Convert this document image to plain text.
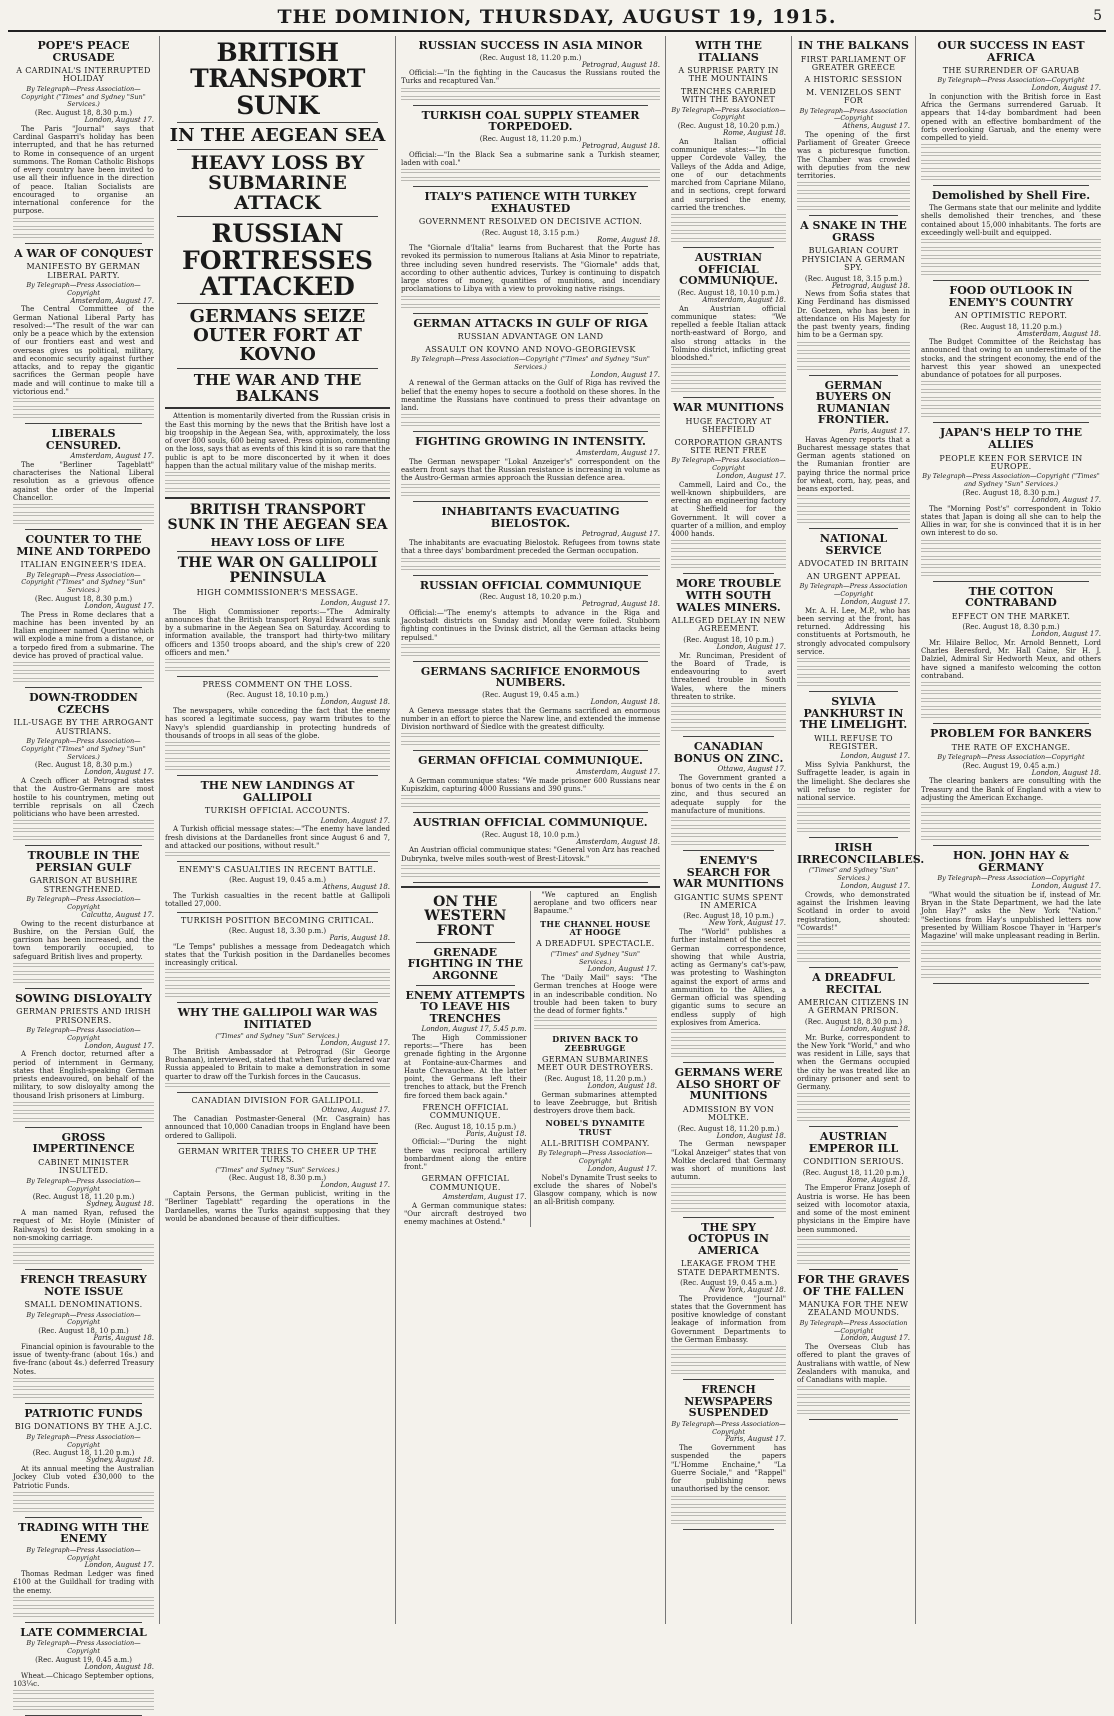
THE DOMINION, THURSDAY, AUGUST 19, 1915.	5
POPE'S PEACE CRUSADE
A CARDINAL'S INTERRUPTED HOLIDAY
By Telegraph—Press Association—Copyright ("Times" and Sydney "Sun" Services.)
(Rec. August 18, 8.30 p.m.)
London, August 17.

The Paris "Journal" says that Cardinal Gasparri's holiday has been interrupted, and that he has returned to Rome in consequence of an urgent summons. The Roman Catholic Bishops of every country have been invited to use all their influence in the direction of peace. Italian Socialists are encouraged to organise an international conference for the purpose.

A WAR OF CONQUEST
MANIFESTO BY GERMAN LIBERAL PARTY.
By Telegraph—Press Association—Copyright
Amsterdam, August 17.

The Central Committee of the German National Liberal Party has resolved:—"The result of the war can only be a peace which by the extension of our frontiers east and west and overseas gives us political, military, and economic security against further attacks, and to repay the gigantic sacrifices the German people have made and will continue to make till a victorious end."

LIBERALS CENSURED.
Amsterdam, August 17.

The "Berliner Tageblatt" characterises the National Liberal resolution as a grievous offence against the order of the Imperial Chancellor.

COUNTER TO THE MINE AND TORPEDO
ITALIAN ENGINEER'S IDEA.
By Telegraph—Press Association—Copyright ("Times" and Sydney "Sun" Services.)
(Rec. August 18, 8.30 p.m.)
London, August 17.

The Press in Rome declares that a machine has been invented by an Italian engineer named Querino which will explode a mine from a distance, or a torpedo fired from a submarine. The device has proved of practical value.

DOWN-TRODDEN CZECHS
ILL-USAGE BY THE ARROGANT AUSTRIANS.
By Telegraph—Press Association—Copyright ("Times" and Sydney "Sun" Services.)
(Rec. August 18, 8.30 p.m.)
London, August 17.

A Czech officer at Petrograd states that the Austro-Germans are most hostile to his countrymen, meting out terrible reprisals on all Czech politicians who have been arrested.

TROUBLE IN THE PERSIAN GULF
GARRISON AT BUSHIRE STRENGTHENED.
By Telegraph—Press Association—Copyright
Calcutta, August 17.

Owing to the recent disturbance at Bushire, on the Persian Gulf, the garrison has been increased, and the town temporarily occupied, to safeguard British lives and property.

SOWING DISLOYALTY
GERMAN PRIESTS AND IRISH PRISONERS.
By Telegraph—Press Association—Copyright
London, August 17.

A French doctor, returned after a period of internment in Germany, states that English-speaking German priests endeavoured, on behalf of the military, to sow disloyalty among the thousand Irish prisoners at Limburg.

GROSS IMPERTINENCE
CABINET MINISTER INSULTED.
By Telegraph—Press Association—Copyright
(Rec. August 18, 11.20 p.m.)
Sydney, August 18.

A man named Ryan, refused the request of Mr. Hoyle (Minister of Railways) to desist from smoking in a non-smoking carriage.

FRENCH TREASURY NOTE ISSUE
SMALL DENOMINATIONS.
By Telegraph—Press Association—Copyright
(Rec. August 18, 10 p.m.)
Paris, August 18.

Financial opinion is favourable to the issue of twenty-franc (about 16s.) and five-franc (about 4s.) deferred Treasury Notes.

PATRIOTIC FUNDS
BIG DONATIONS BY THE A.J.C.
By Telegraph—Press Association—Copyright
(Rec. August 18, 11.20 p.m.)
Sydney, August 18.

At its annual meeting the Australian Jockey Club voted £30,000 to the Patriotic Funds.

TRADING WITH THE ENEMY
By Telegraph—Press Association—Copyright
London, August 17.

Thomas Redman Ledger was fined £100 at the Guildhall for trading with the enemy.

LATE COMMERCIAL
By Telegraph—Press Association—Copyright
(Rec. August 19, 0.45 a.m.)
London, August 18.

Wheat.—Chicago September options, 103¼c.

BRITISH TRANSPORT SUNK
IN THE AEGEAN SEA
HEAVY LOSS BY SUBMARINE ATTACK
RUSSIAN FORTRESSES ATTACKED
GERMANS SEIZE OUTER FORT AT KOVNO
THE WAR AND THE BALKANS

Attention is momentarily diverted from the Russian crisis in the East this morning by the news that the British have lost a big troopship in the Aegean Sea, with, approximately, the loss of over 800 souls, 600 being saved. Press opinion, commenting on the loss, says that as events of this kind it is so rare that the public is apt to be more disconcerted by it when it does happen than the actual military value of the mishap merits.

BRITISH TRANSPORT SUNK IN THE AEGEAN SEA
HEAVY LOSS OF LIFE
THE WAR ON GALLIPOLI PENINSULA
HIGH COMMISSIONER'S MESSAGE.
London, August 17.

The High Commissioner reports:—"The Admiralty announces that the British transport Royal Edward was sunk by a submarine in the Aegean Sea on Saturday. According to information available, the transport had thirty-two military officers and 1350 troops aboard, and the ship's crew of 220 officers and men."

PRESS COMMENT ON THE LOSS.
(Rec. August 18, 10.10 p.m.)
London, August 18.

The newspapers, while conceding the fact that the enemy has scored a legitimate success, pay warm tributes to the Navy's splendid guardianship in protecting hundreds of thousands of troops in all seas of the globe.

THE NEW LANDINGS AT GALLIPOLI
TURKISH OFFICIAL ACCOUNTS.
London, August 17.

A Turkish official message states:—"The enemy have landed fresh divisions at the Dardanelles front since August 6 and 7, and attacked our positions, without result."

ENEMY'S CASUALTIES IN RECENT BATTLE.
(Rec. August 19, 0.45 a.m.)
Athens, August 18.

The Turkish casualties in the recent battle at Gallipoli totalled 27,000.

TURKISH POSITION BECOMING CRITICAL.
(Rec. August 18, 3.30 p.m.)
Paris, August 18.

"Le Temps" publishes a message from Dedeagatch which states that the Turkish position in the Dardanelles becomes increasingly critical.

WHY THE GALLIPOLI WAR WAS INITIATED
("Times" and Sydney "Sun" Services.)
London, August 17.

The British Ambassador at Petrograd (Sir George Buchanan), interviewed, stated that when Turkey declared war Russia appealed to Britain to make a demonstration in some quarter to draw off the Turkish forces in the Caucasus.

CANADIAN DIVISION FOR GALLIPOLI.
Ottawa, August 17.

The Canadian Postmaster-General (Mr. Casgrain) has announced that 10,000 Canadian troops in England have been ordered to Gallipoli.

GERMAN WRITER TRIES TO CHEER UP THE TURKS.
("Times" and Sydney "Sun" Services.)
(Rec. August 18, 8.30 p.m.)
London, August 17.

Captain Persons, the German publicist, writing in the "Berliner Tageblatt" regarding the operations in the Dardanelles, warns the Turks against supposing that they would be abandoned because of their difficulties.

RUSSIAN SUCCESS IN ASIA MINOR
(Rec. August 18, 11.20 p.m.)
Petrograd, August 18.

Official:—"In the fighting in the Caucasus the Russians routed the Turks and recaptured Van."

TURKISH COAL SUPPLY STEAMER TORPEDOED.
(Rec. August 18, 11.20 p.m.)
Petrograd, August 18.

Official:—"In the Black Sea a submarine sank a Turkish steamer, laden with coal."

ITALY'S PATIENCE WITH TURKEY EXHAUSTED
GOVERNMENT RESOLVED ON DECISIVE ACTION.
(Rec. August 18, 3.15 p.m.)
Rome, August 18.

The "Giornale d'Italia" learns from Bucharest that the Porte has revoked its permission to numerous Italians at Asia Minor to repatriate, three including seven hundred reservists. The "Giornale" adds that, according to other authentic advices, Turkey is continuing to dispatch large stores of money, quantities of munitions, and incendiary proclamations to Libya with a view to provoking native risings.

GERMAN ATTACKS IN GULF OF RIGA
RUSSIAN ADVANTAGE ON LAND
ASSAULT ON KOVNO AND NOVO-GEORGIEVSK
By Telegraph—Press Association—Copyright ("Times" and Sydney "Sun" Services.)
London, August 17.

A renewal of the German attacks on the Gulf of Riga has revived the belief that the enemy hopes to secure a foothold on these shores. In the meantime the Russians have continued to press their advantage on land.

FIGHTING GROWING IN INTENSITY.
Amsterdam, August 17.

The German newspaper "Lokal Anzeiger's" correspondent on the eastern front says that the Russian resistance is increasing in volume as the Austro-German armies approach the Russian defence area.

INHABITANTS EVACUATING BIELOSTOK.
Petrograd, August 17.

The inhabitants are evacuating Bielostok. Refugees from towns state that a three days' bombardment preceded the German occupation.

RUSSIAN OFFICIAL COMMUNIQUE
(Rec. August 18, 10.20 p.m.)
Petrograd, August 18.

Official:—"The enemy's attempts to advance in the Riga and Jacobstadt districts on Sunday and Monday were foiled. Stubborn fighting continues in the Dvinsk district, all the German attacks being repulsed."

GERMANS SACRIFICE ENORMOUS NUMBERS.
(Rec. August 19, 0.45 a.m.)
London, August 18.

A Geneva message states that the Germans sacrificed an enormous number in an effort to pierce the Narew line, and extended the immense Division northward of Siedlce with the greatest difficulty.

GERMAN OFFICIAL COMMUNIQUE.
Amsterdam, August 17.

A German communique states: "We made prisoner 600 Russians near Kupiszkim, capturing 4000 Russians and 390 guns."

AUSTRIAN OFFICIAL COMMUNIQUE.
(Rec. August 18, 10.0 p.m.)
Amsterdam, August 18.

An Austrian official communique states: "General von Arz has reached Dubrynka, twelve miles south-west of Brest-Litovsk."

ON THE WESTERN FRONT
GRENADE FIGHTING IN THE ARGONNE
ENEMY ATTEMPTS TO LEAVE HIS TRENCHES
London, August 17, 5.45 p.m.

The High Commissioner reports:—"There has been grenade fighting in the Argonne at Fontaine-aux-Charmes and Haute Chevauchee. At the latter point, the Germans left their trenches to attack, but the French fire forced them back again."

FRENCH OFFICIAL COMMUNIQUE.
(Rec. August 18, 10.15 p.m.)
Paris, August 18.

Official:—"During the night there was reciprocal artillery bombardment along the entire front."

GERMAN OFFICIAL COMMUNIQUE.
Amsterdam, August 17.

A German communique states: "Our aircraft destroyed two enemy machines at Ostend."

"We captured an English aeroplane and two officers near Bapaume."

THE CHANNEL HOUSE AT HOOGE
A DREADFUL SPECTACLE.
("Times" and Sydney "Sun" Services.)
London, August 17.

The "Daily Mail" says: "The German trenches at Hooge were in an indescribable condition. No trouble had been taken to bury the dead of former fights."

DRIVEN BACK TO ZEEBRUGGE
GERMAN SUBMARINES MEET OUR DESTROYERS.
(Rec. August 18, 11.20 p.m.)
London, August 18.

German submarines attempted to leave Zeebrugge, but British destroyers drove them back.

NOBEL'S DYNAMITE TRUST
ALL-BRITISH COMPANY.
By Telegraph—Press Association—Copyright
London, August 17.

Nobel's Dynamite Trust seeks to exclude the shares of Nobel's Glasgow company, which is now an all-British company.

WITH THE ITALIANS
A SURPRISE PARTY IN THE MOUNTAINS
TRENCHES CARRIED WITH THE BAYONET
By Telegraph—Press Association—Copyright
(Rec. August 18, 10.20 p.m.)
Rome, August 18.

An Italian official communique states:—"In the upper Cordevole Valley, the Valleys of the Adda and Adige, one of our detachments marched from Capriane Milano, and in sections, crept forward and surprised the enemy, carried the trenches.

AUSTRIAN OFFICIAL COMMUNIQUE.
(Rec. August 18, 10.10 p.m.)
Amsterdam, August 18.

An Austrian official communique states: "We repelled a feeble Italian attack north-eastward of Borgo, and also strong attacks in the Tolmino district, inflicting great bloodshed."

WAR MUNITIONS
HUGE FACTORY AT SHEFFIELD
CORPORATION GRANTS SITE RENT FREE
By Telegraph—Press Association—Copyright
London, August 17.

Cammell, Laird and Co., the well-known shipbuilders, are erecting an engineering factory at Sheffield for the Government. It will cover a quarter of a million, and employ 4000 hands.

MORE TROUBLE WITH SOUTH WALES MINERS.
ALLEGED DELAY IN NEW AGREEMENT.
(Rec. August 18, 10 p.m.)
London, August 17.

Mr. Runciman, President of the Board of Trade, is endeavouring to avert threatened trouble in South Wales, where the miners threaten to strike.

CANADIAN BONUS ON ZINC.
Ottawa, August 17.

The Government granted a bonus of two cents in the £ on zinc, and thus secured an adequate supply for the manufacture of munitions.

ENEMY'S SEARCH FOR WAR MUNITIONS
GIGANTIC SUMS SPENT IN AMERICA
(Rec. August 18, 10 p.m.)
New York, August 17.

The "World" publishes a further instalment of the secret German correspondence, showing that while Austria, acting as Germany's cat's-paw, was protesting to Washington against the export of arms and ammunition to the Allies, a German official was spending gigantic sums to secure an endless supply of high explosives from America.

GERMANS WERE ALSO SHORT OF MUNITIONS
ADMISSION BY VON MOLTKE.
(Rec. August 18, 11.20 p.m.)
London, August 18.

The German newspaper "Lokal Anzeiger" states that von Moltke declared that Germany was short of munitions last autumn.

THE SPY OCTOPUS IN AMERICA
LEAKAGE FROM THE STATE DEPARTMENTS.
(Rec. August 19, 0.45 a.m.)
New York, August 18.

The Providence "Journal" states that the Government has positive knowledge of constant leakage of information from Government Departments to the German Embassy.

FRENCH NEWSPAPERS SUSPENDED
By Telegraph—Press Association—Copyright
Paris, August 17.

The Government has suspended the papers "L'Homme Enchaine," "La Guerre Sociale," and "Rappel" for publishing news unauthorised by the censor.

IN THE BALKANS
FIRST PARLIAMENT OF GREATER GREECE
A HISTORIC SESSION
M. VENIZELOS SENT FOR
By Telegraph—Press Association—Copyright
Athens, August 17.

The opening of the first Parliament of Greater Greece was a picturesque function. The Chamber was crowded with deputies from the new territories.

A SNAKE IN THE GRASS
BULGARIAN COURT PHYSICIAN A GERMAN SPY.
(Rec. August 18, 3.15 p.m.)
Petrograd, August 18.

News from Sofia states that King Ferdinand has dismissed Dr. Goetzen, who has been in attendance on His Majesty for the past twenty years, finding him to be a German spy.

GERMAN BUYERS ON RUMANIAN FRONTIER.
Paris, August 17.

Havas Agency reports that a Bucharest message states that German agents stationed on the Rumanian frontier are paying thrice the normal price for wheat, corn, hay, peas, and beans exported.

NATIONAL SERVICE
ADVOCATED IN BRITAIN
AN URGENT APPEAL
By Telegraph—Press Association—Copyright
London, August 17.

Mr. A. H. Lee, M.P., who has been serving at the front, has returned. Addressing his constituents at Portsmouth, he strongly advocated compulsory service.

SYLVIA PANKHURST IN THE LIMELIGHT.
WILL REFUSE TO REGISTER.
London, August 17.

Miss Sylvia Pankhurst, the Suffragette leader, is again in the limelight. She declares she will refuse to register for national service.

IRISH IRRECONCILABLES.
("Times" and Sydney "Sun" Services.)
London, August 17.

Crowds, who demonstrated against the Irishmen leaving Scotland in order to avoid registration, shouted: "Cowards!"

A DREADFUL RECITAL
AMERICAN CITIZENS IN A GERMAN PRISON.
(Rec. August 18, 8.30 p.m.)
London, August 18.

Mr. Burke, correspondent to the New York "World," and who was resident in Lille, says that when the Germans occupied the city he was treated like an ordinary prisoner and sent to Germany.

AUSTRIAN EMPEROR ILL
CONDITION SERIOUS.
(Rec. August 18, 11.20 p.m.)
Rome, August 18.

The Emperor Franz Joseph of Austria is worse. He has been seized with locomotor ataxia, and some of the most eminent physicians in the Empire have been summoned.

FOR THE GRAVES OF THE FALLEN
MANUKA FOR THE NEW ZEALAND MOUNDS.
By Telegraph—Press Association—Copyright
London, August 17.

The Overseas Club has offered to plant the graves of Australians with wattle, of New Zealanders with manuka, and of Canadians with maple.

OUR SUCCESS IN EAST AFRICA
THE SURRENDER OF GARUAB
By Telegraph—Press Association—Copyright
London, August 17.

In conjunction with the British force in East Africa the Germans surrendered Garuab. It appears that 14-day bombardment had been opened with an effective bombardment of the forts overlooking Garuab, and the enemy were compelled to yield.

Demolished by Shell Fire.

The Germans state that our melinite and lyddite shells demolished their trenches, and these contained about 15,000 inhabitants. The forts are exceedingly well-built and equipped.

FOOD OUTLOOK IN ENEMY'S COUNTRY
AN OPTIMISTIC REPORT.
(Rec. August 18, 11.20 p.m.)
Amsterdam, August 18.

The Budget Committee of the Reichstag has announced that owing to an underestimate of the stocks, and the stringent economy, the end of the harvest this year showed an unexpected abundance of potatoes for all purposes.

JAPAN'S HELP TO THE ALLIES
PEOPLE KEEN FOR SERVICE IN EUROPE.
By Telegraph—Press Association—Copyright ("Times" and Sydney "Sun" Services.)
(Rec. August 18, 8.30 p.m.)
London, August 17.

The "Morning Post's" correspondent in Tokio states that Japan is doing all she can to help the Allies in war, for she is convinced that it is in her own interest to do so.

THE COTTON CONTRABAND
EFFECT ON THE MARKET.
(Rec. August 18, 8.30 p.m.)
London, August 17.

Mr. Hilaire Belloc, Mr. Arnold Bennett, Lord Charles Beresford, Mr. Hall Caine, Sir H. J. Dalziel, Admiral Sir Hedworth Meux, and others have signed a manifesto welcoming the cotton contraband.

PROBLEM FOR BANKERS
THE RATE OF EXCHANGE.
By Telegraph—Press Association—Copyright
(Rec. August 19, 0.45 a.m.)
London, August 18.

The clearing bankers are consulting with the Treasury and the Bank of England with a view to adjusting the American Exchange.

HON. JOHN HAY & GERMANY
By Telegraph—Press Association—Copyright
London, August 17.

"What would the situation be if, instead of Mr. Bryan in the State Department, we had the late John Hay?" asks the New York "Nation." "Selections from Hay's unpublished letters now presented by William Roscoe Thayer in 'Harper's Magazine' will make unpleasant reading in Berlin.
